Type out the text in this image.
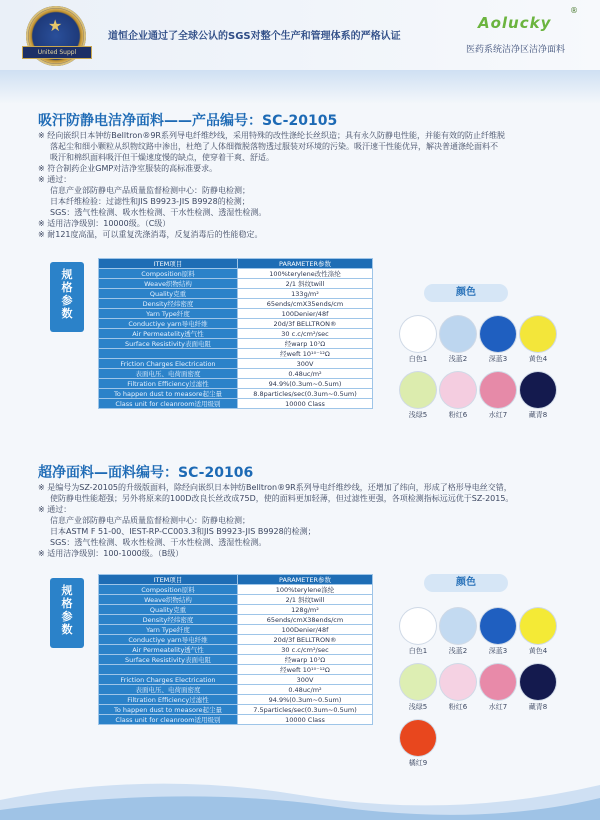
★
United Suppl
道恒企业通过了全球公认的SGS对整个生产和管理体系的严格认证
Aolucky
®
医药系统洁净区洁净面料
吸汗防静电洁净面料——产品编号：SC-20105
※ 经向嵌织日本钟纺Belltron®9R系列导电纤维纱线，采用特殊的改性涤纶长丝织造；具有永久防静电性能，并能有效的防止纤维脱
落起尘和细小颗粒从织物纹路中渗出，杜绝了人体细微脱落物透过服装对环境的污染。吸汗速干性能优异，解决普通涤纶面料不
吸汗和棉织面料吸汗但干燥速度慢的缺点，使穿着干爽、舒适。
※ 符合制药企业GMP对洁净室服装的高标准要求。
※ 通过：
信息产业部防静电产品质量监督检测中心：防静电检测；
日本纤维检验：过滤性和JIS B9923-JIS B9928的检测；
SGS：透气性检测、吸水性检测、干水性检测、透湿性检测。
※ 适用洁净级别：10000级。（C级）
※ 耐121度高温，可以重复洗涤消毒，反复消毒后的性能稳定。
规
格
参
数
ITEM项目	PARAMETER参数
Composition原料	100%terylene改性涤纶
Weave织物结构	2/1 斜纹twill
Quality克重	133g/m²
Density经纬密度	65ends/cmX35ends/cm
Yarn Type纤度	100Denier/48f
Conductiye yarn导电纤维	20d/3f BELLTRON®
Air Permeatelity透气性	30 c.c/cm²/sec
Surface Resistivity表面电阻	经warp 10⁷Ω
	经weft 10¹⁰⁻¹²Ω
Friction Charges Electrication	300V
表面电压、电荷面密度	0.48uc/m²
Filtration Efficiency过滤性	94.9%(0.3um~0.5um)
To happen dust to measore起尘量	8.8particles/sec(0.3um~0.5um)
Class unit for cleanroom适用级别	10000 Class
颜色
白色1	浅蓝2	深蓝3	黄色4
浅绿5	粉红6	水红7	藏青8
超净面料—面料编号：SC-20106
※ 是编号为SZ-20105的升级版面料，除经向嵌织日本钟纺Belltron®9R系列导电纤维纱线，还增加了纬向，形成了格形导电丝交错，
使防静电性能超强；另外将原来的100D改良长丝改成75D，使的面料更加轻薄，但过滤性更强，各项检测指标远远优于SZ-2015。
※ 通过：
信息产业部防静电产品质量监督检测中心：防静电检测；
日本ASTM F 51-00、IEST-RP-CC003.3和JIS B9923-JIS B9928的检测；
SGS：透气性检测、吸水性检测、干水性检测、透湿性检测。
※ 适用洁净级别：100-1000级。（B级）
规
格
参
数
ITEM项目	PARAMETER参数
Composition原料	100%terylene涤纶
Weave织物结构	2/1 斜纹twill
Quality克重	128g/m²
Density经纬密度	65ends/cmX38ends/cm
Yarn Type纤度	100Denier/48f
Conductiye yarn导电纤维	20d/3f BELLTRON®
Air Permeatelity透气性	30 c.c/cm²/sec
Surface Resistivity表面电阻	经warp 10⁷Ω
	经weft 10¹⁰⁻¹²Ω
Friction Charges Electrication	300V
表面电压、电荷面密度	0.48uc/m²
Filtration Efficiency过滤性	94.9%(0.3um~0.5um)
To happen dust to measore起尘量	7.5particles/sec(0.3um~0.5um)
Class unit for cleanroom适用级别	10000 Class
颜色
白色1	浅蓝2	深蓝3	黄色4
浅绿5	粉红6	水红7	藏青8
橘红9
